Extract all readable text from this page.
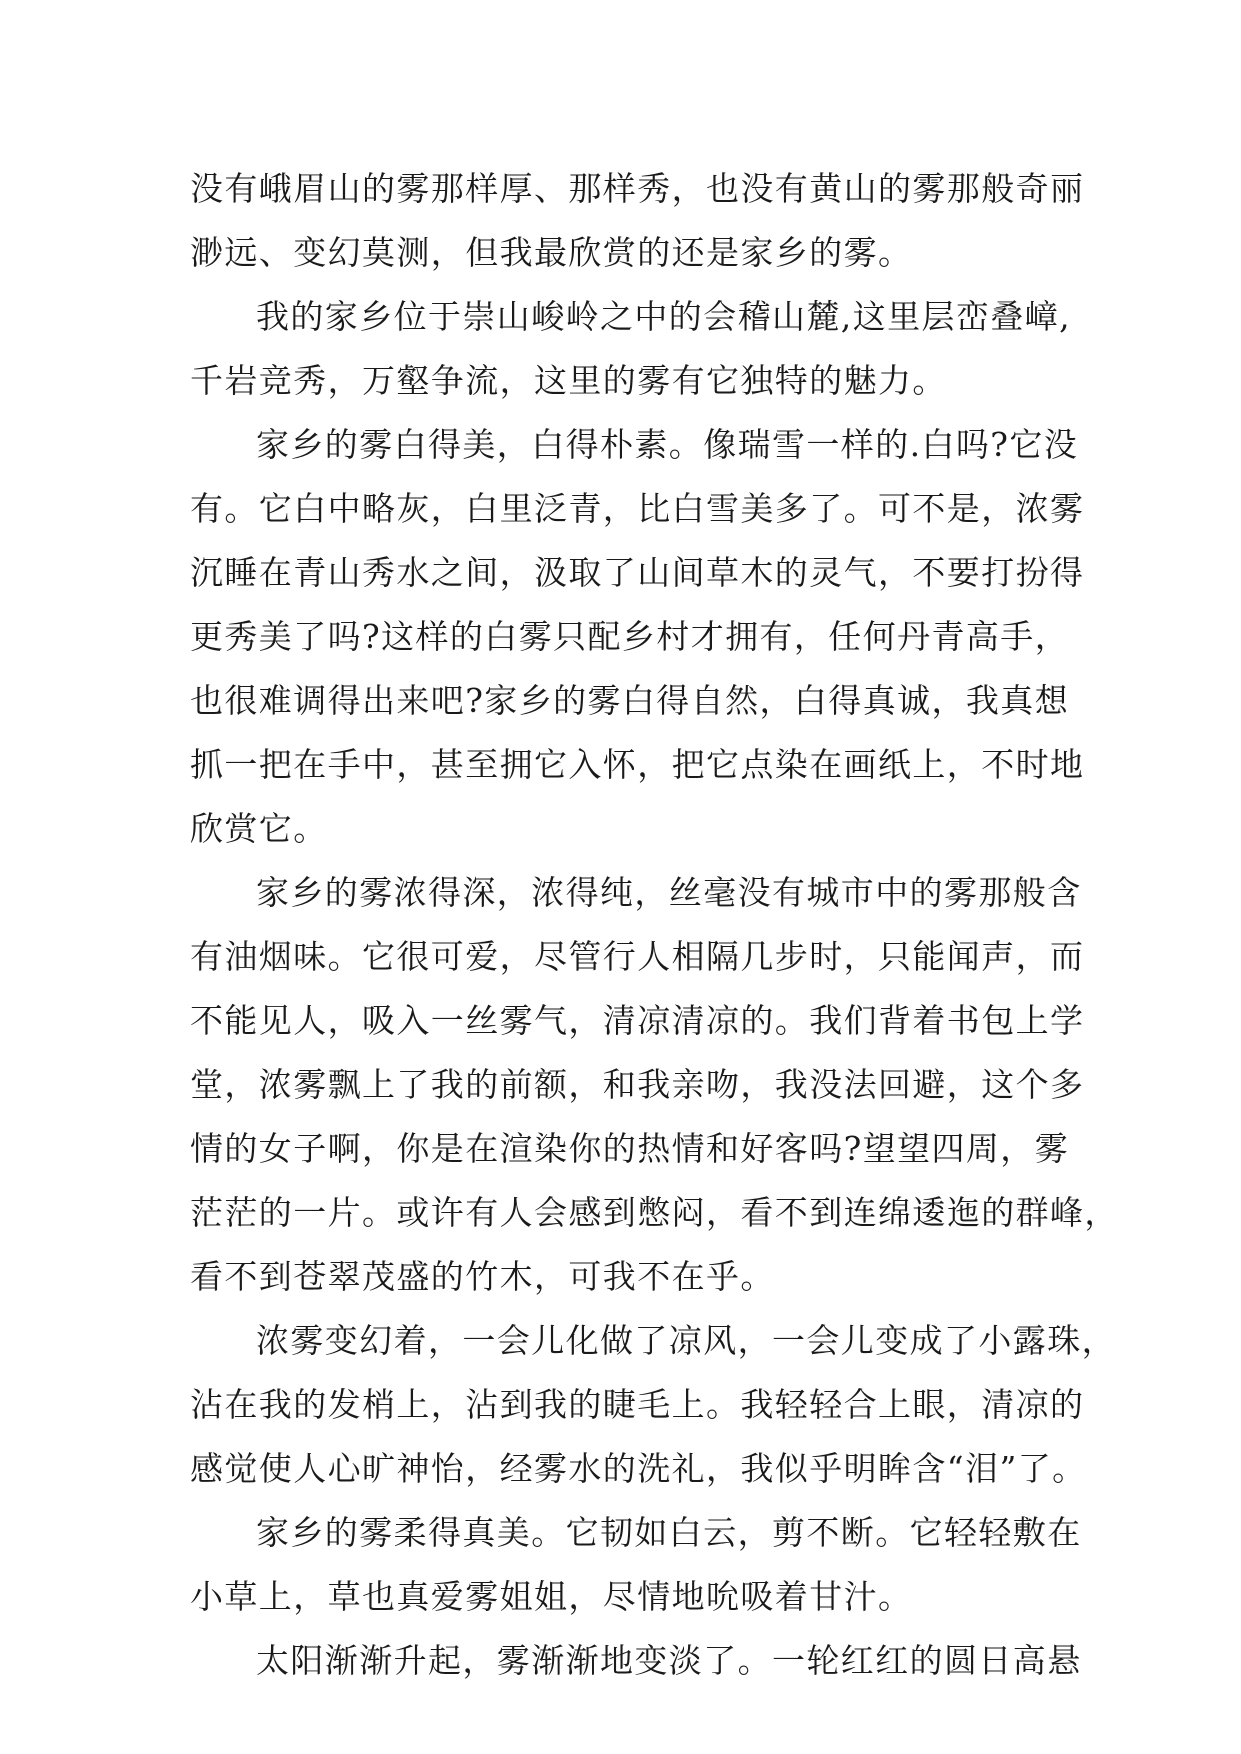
没有峨眉山的雾那样厚、那样秀，也没有黄山的雾那般奇丽
渺远、变幻莫测，但我最欣赏的还是家乡的雾。
我的家乡位于崇山峻岭之中的会稽山麓,这里层峦叠嶂,
千岩竞秀，万壑争流，这里的雾有它独特的魅力。
家乡的雾白得美，白得朴素。像瑞雪一样的.白吗?它没
有。它白中略灰，白里泛青，比白雪美多了。可不是，浓雾
沉睡在青山秀水之间，汲取了山间草木的灵气，不要打扮得
更秀美了吗?这样的白雾只配乡村才拥有，任何丹青高手，
也很难调得出来吧?家乡的雾白得自然，白得真诚，我真想
抓一把在手中，甚至拥它入怀，把它点染在画纸上，不时地
欣赏它。
家乡的雾浓得深，浓得纯，丝毫没有城市中的雾那般含
有油烟味。它很可爱，尽管行人相隔几步时，只能闻声，而
不能见人，吸入一丝雾气，清凉清凉的。我们背着书包上学
堂，浓雾飘上了我的前额，和我亲吻，我没法回避，这个多
情的女子啊，你是在渲染你的热情和好客吗?望望四周，雾
茫茫的一片。或许有人会感到憋闷，看不到连绵逶迤的群峰，
看不到苍翠茂盛的竹木，可我不在乎。
浓雾变幻着，一会儿化做了凉风，一会儿变成了小露珠，
沾在我的发梢上，沾到我的睫毛上。我轻轻合上眼，清凉的
感觉使人心旷神怡，经雾水的洗礼，我似乎明眸含“泪”了。
家乡的雾柔得真美。它韧如白云，剪不断。它轻轻敷在
小草上，草也真爱雾姐姐，尽情地吮吸着甘汁。
太阳渐渐升起，雾渐渐地变淡了。一轮红红的圆日高悬
